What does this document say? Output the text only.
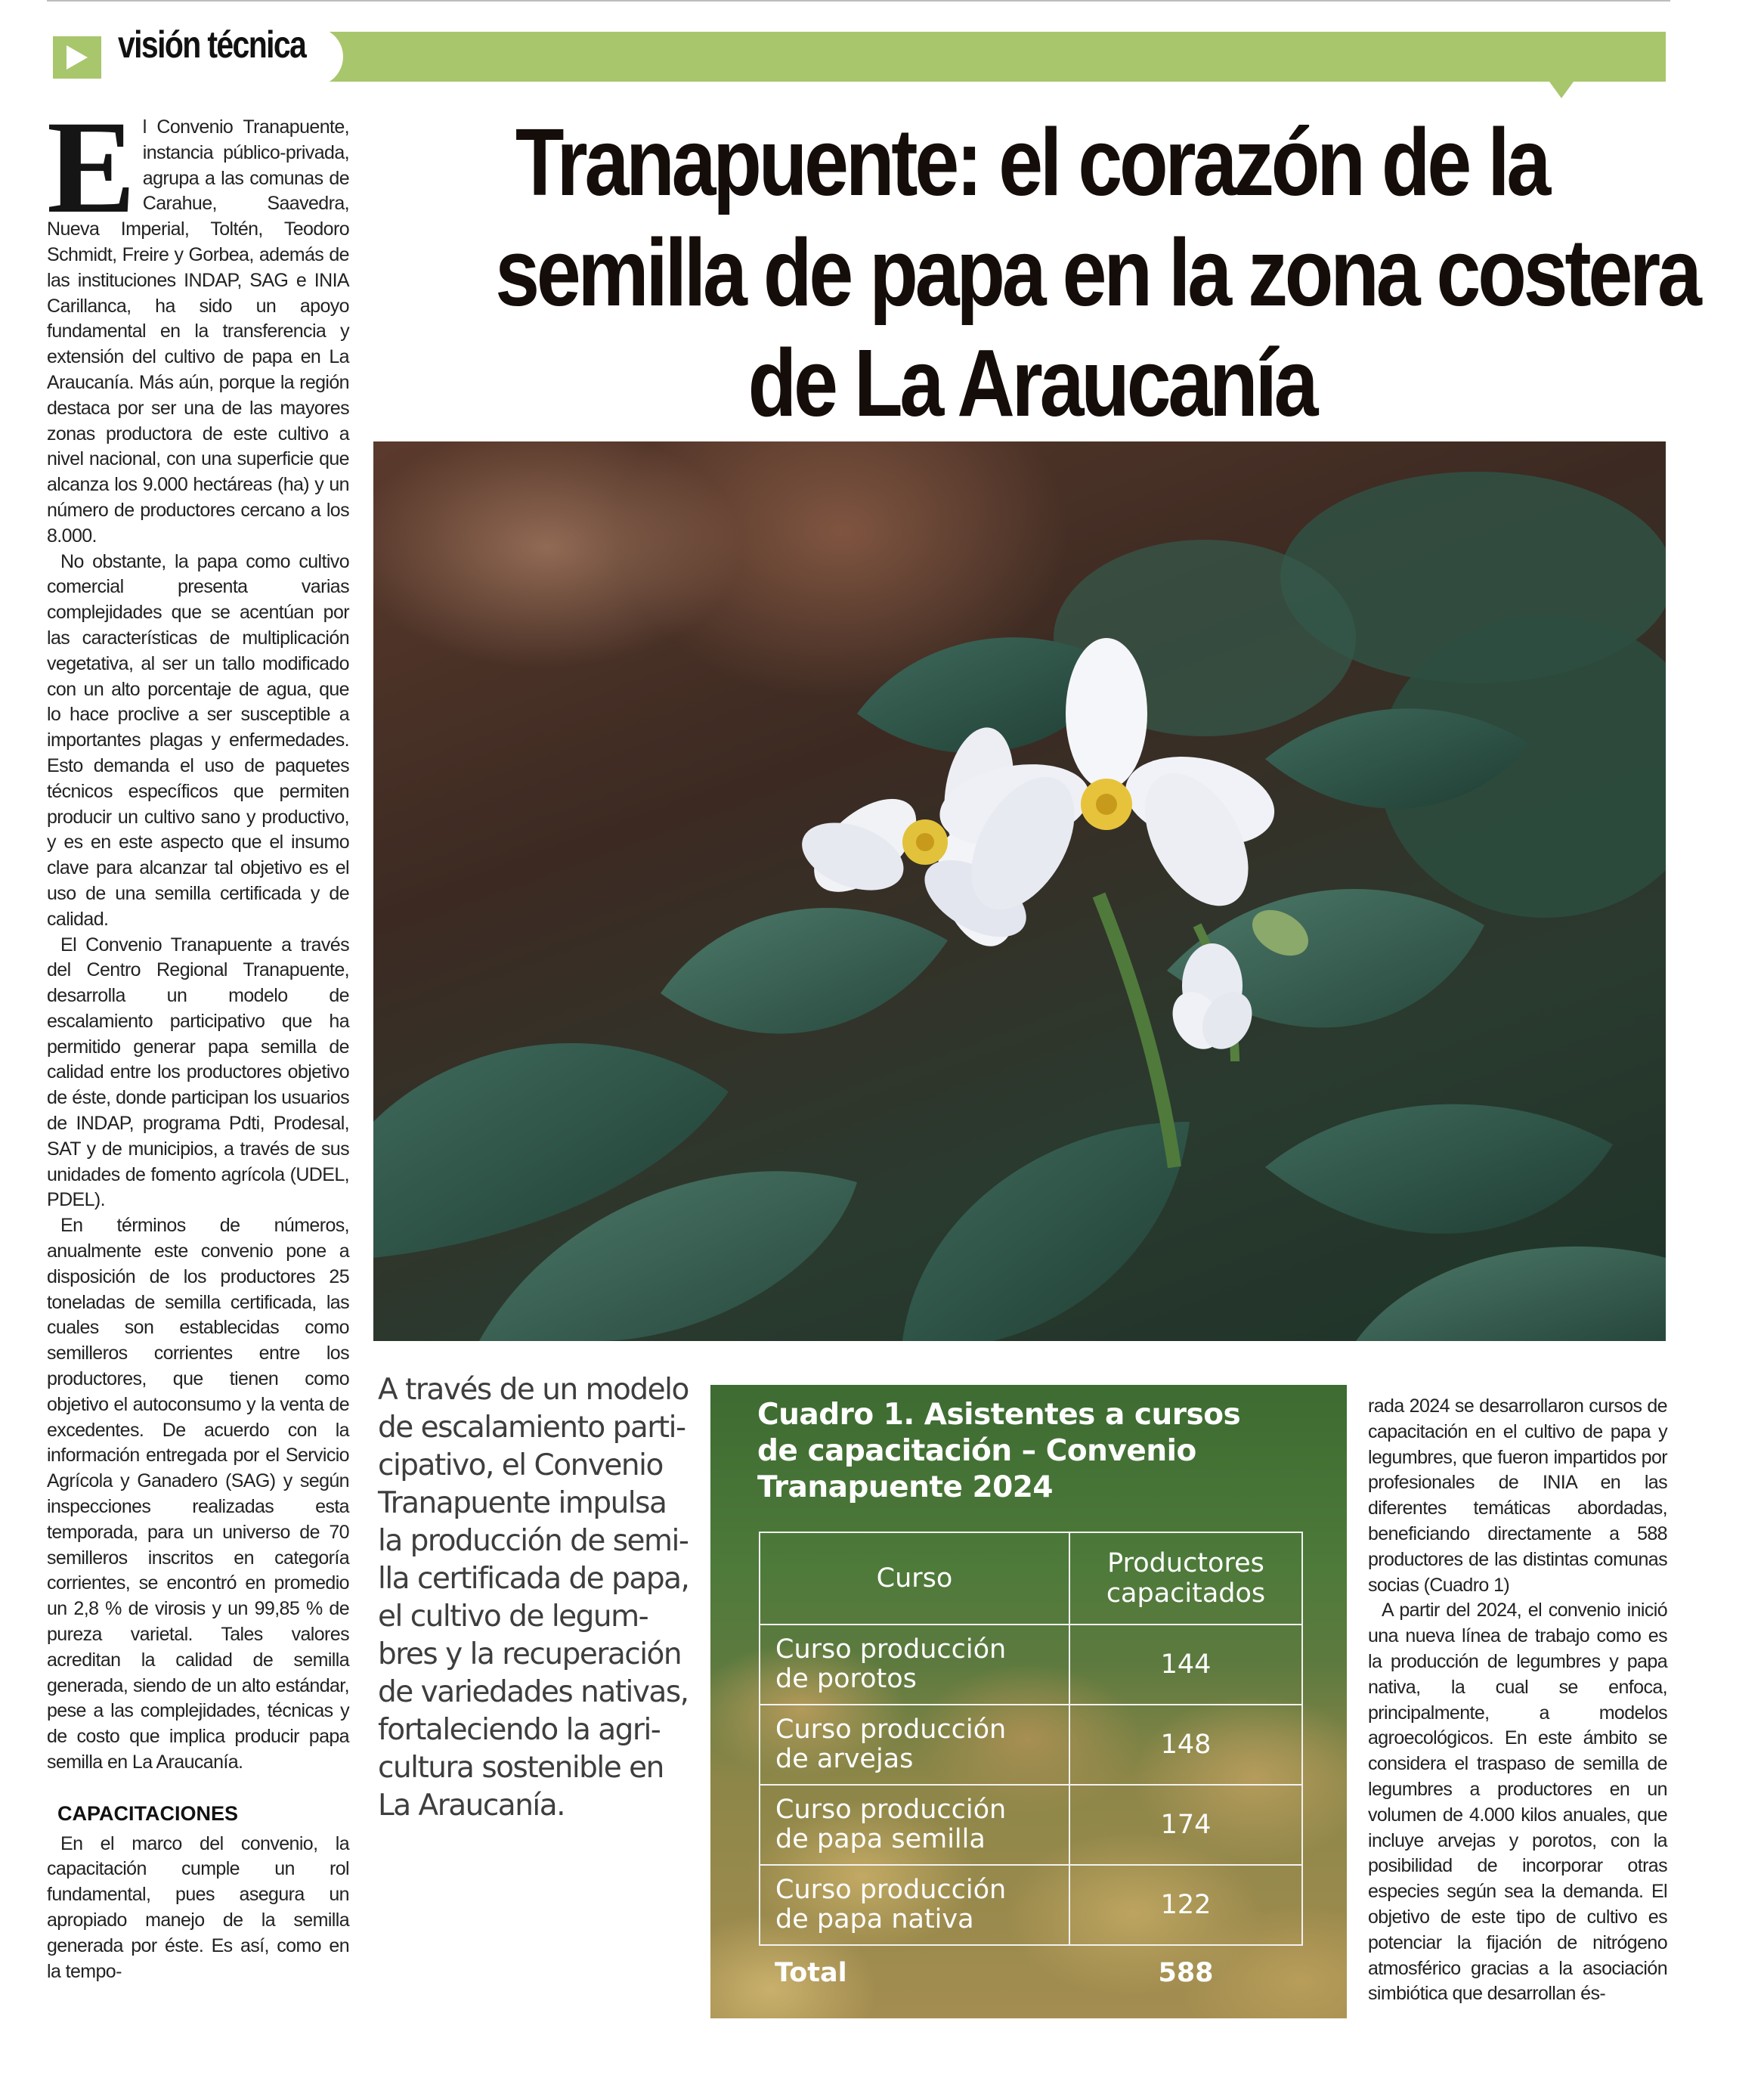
visión técnica
Tranapuente: el corazón de la
semilla de papa en la zona costera
de La Araucanía

El Convenio Tranapuente, instancia público-privada, agrupa a las comunas de Carahue, Saavedra, Nueva Imperial, Toltén, Teodoro Schmidt, Freire y Gorbea, además de las instituciones INDAP, SAG e INIA Carillanca, ha sido un apoyo fundamental en la transferencia y extensión del cultivo de papa en La Araucanía. Más aún, porque la región destaca por ser una de las mayores zonas productora de este cultivo a nivel nacional, con una superficie que alcanza los 9.000 hectáreas (ha) y un número de productores cercano a los 8.000.

No obstante, la papa como cultivo comercial presenta varias complejidades que se acentúan por las características de multiplicación vegetativa, al ser un tallo modificado con un alto porcentaje de agua, que lo hace proclive a ser susceptible a importantes plagas y enfermedades. Esto demanda el uso de paquetes técnicos específicos que permiten producir un cultivo sano y productivo, y es en este aspecto que el insumo clave para alcanzar tal objetivo es el uso de una semilla certificada y de calidad.

El Convenio Tranapuente a través del Centro Regional Tranapuente, desarrolla un modelo de escalamiento participativo que ha permitido generar papa semilla de calidad entre los productores objetivo de éste, donde participan los usuarios de INDAP, programa Pdti, Prodesal, SAT y de municipios, a través de sus unidades de fomento agrícola (UDEL, PDEL).

En términos de números, anualmente este convenio pone a disposición de los productores 25 toneladas de semilla certificada, las cuales son establecidas como semilleros corrientes entre los productores, que tienen como objetivo el autoconsumo y la venta de excedentes. De acuerdo con la información entregada por el Servicio Agrícola y Ganadero (SAG) y según inspecciones realizadas esta temporada, para un universo de 70 semilleros inscritos en categoría corrientes, se encontró en promedio un 2,8 % de virosis y un 99,85 % de pureza varietal. Tales valores acreditan la calidad de semilla generada, siendo de un alto estándar, pese a las complejidades, técnicas y de costo que implica producir papa semilla en La Araucanía.

CAPACITACIONES

En el marco del convenio, la capacitación cumple un rol fundamental, pues asegura un apropiado manejo de la semilla generada por éste. Es así, como en la tempo-

A través de un modelo
de escalamiento parti-
cipativo, el Convenio
Tranapuente impulsa
la producción de semi-
lla certificada de papa,
el cultivo de legum-
bres y la recuperación
de variedades nativas,
fortaleciendo la agri-
cultura sostenible en
La Araucanía.
Cuadro 1. Asistentes a cursos
de capacitación – Convenio
Tranapuente 2024
Curso	Productores
capacitados
Curso producción
de porotos	144
Curso producción
de arvejas	148
Curso producción
de papa semilla	174
Curso producción
de papa nativa	122
Total	588

rada 2024 se desarrollaron cursos de capacitación en el cultivo de papa y legumbres, que fueron impartidos por profesionales de INIA en las diferentes temáticas abordadas, beneficiando directamente a 588 productores de las distintas comunas socias (Cuadro 1)

A partir del 2024, el convenio inició una nueva línea de trabajo como es la producción de legumbres y papa nativa, la cual se enfoca, principalmente, a modelos agroecológicos. En este ámbito se considera el traspaso de semilla de legumbres a productores en un volumen de 4.000 kilos anuales, que incluye arvejas y porotos, con la posibilidad de incorporar otras especies según sea la demanda. El objetivo de este tipo de cultivo es potenciar la fijación de nitrógeno atmosférico gracias a la asociación simbiótica que desarrollan és-
